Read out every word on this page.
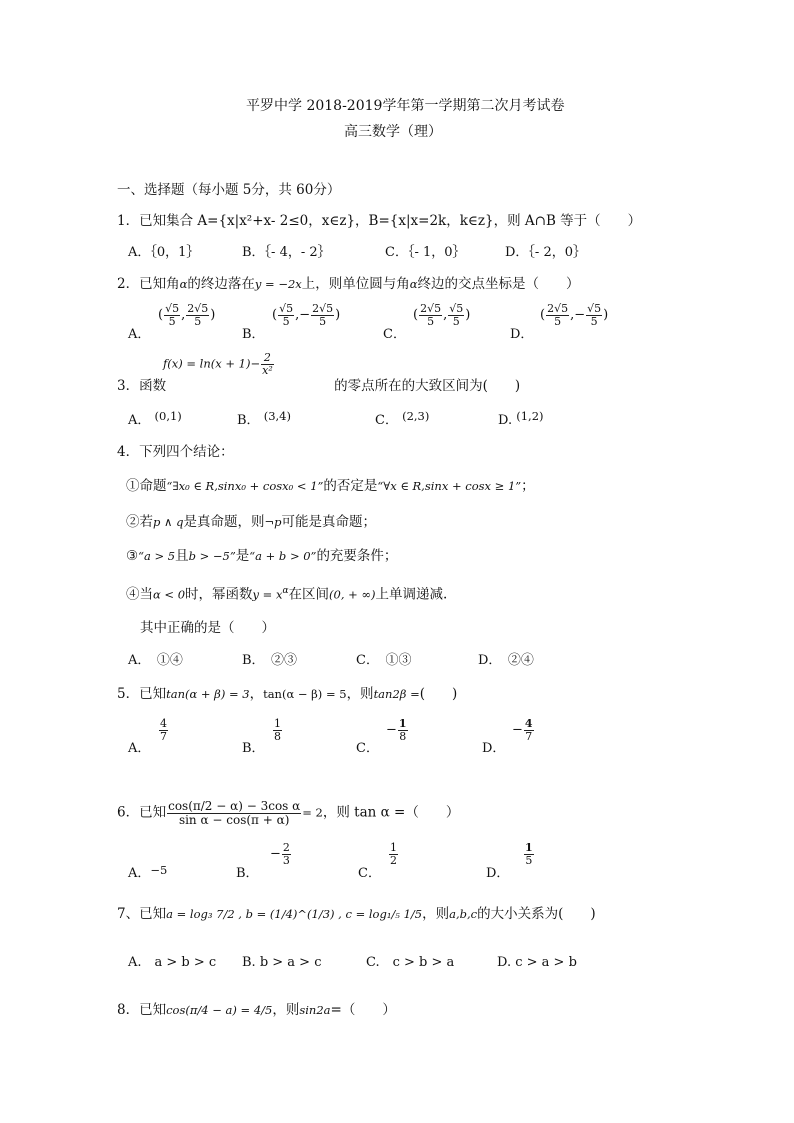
平罗中学 2018-2019学年第一学期第二次月考试卷
高三数学（理）
一、选择题（每小题 5分，共 60分）
1．已知集合 A={x|x²+x- 2≤0，x∈z}，B={x|x=2k，k∈z}，则 A∩B 等于（　　）
A．｛0，1｝	B．｛- 4，- 2｝	C．｛- 1，0｝	D．｛- 2，0｝
2．已知角α的终边落在y = −2x上，则单位圆与角α终边的交点坐标是（　　）
A．
( $\frac{√5}{5}$ , $\frac{2√5}{5}$ )
B．
( $\frac{√5}{5}$ ,− $\frac{2√5}{5}$ )
C．
( $\frac{2√5}{5}$ , $\frac{√5}{5}$ )
D．
( $\frac{2√5}{5}$ ,− $\frac{√5}{5}$ )
$f(x) = \ln(x + 1)- \frac{2}{\text{x²}}$
3．函数	的零点所在的大致区间为(　　)
A． (0,1)	B． (3,4)	C． (2,3)	D. (1,2)
4．下列四个结论：
①命题“∃x₀ ∈ R,sinx₀ + cosx₀ < 1”的否定是“∀x ∈ R,sinx + cosx ≥ 1”；
②若p ∧ q是真命题，则¬p可能是真命题；
③“a > 5且b > −5”是“a + b > 0”的充要条件；
④当α < 0时，幂函数$y = x^\alpha$在区间(0, + ∞)上单调递减.
其中正确的是（　　）
A．　①④	B．　②③	C．　①③	D．　②④
5．已知tan(α + β) = 3，tan(α − β) = 5，则tan2β =(　　)
A．
$\frac{4}{7}$
B．
$\frac{1}{8}$
C．
− $\frac{1}{8}$
D．
− $\frac{4}{7}$
6．已知 $\frac{\text{cos(π/2 − α) − 3cos α}}{\text{sin α − cos(π + α)}} = 2$，则 tan α =（　　）
A．−5	B．
− $\frac{2}{3}$
C．
$\frac{1}{2}$
D．
$\frac{1}{5}$
7、已知a = log₃ 7/2 , b = (1/4)^(1/3) , c = log₁/₅ 1/5，则a,b,c的大小关系为(　　)
A.　a > b > c B. b > a > c	C.　c > b > a	D. c > a > b
8．已知cos(π/4 − a) = 4/5，则sin2a=（　　）
